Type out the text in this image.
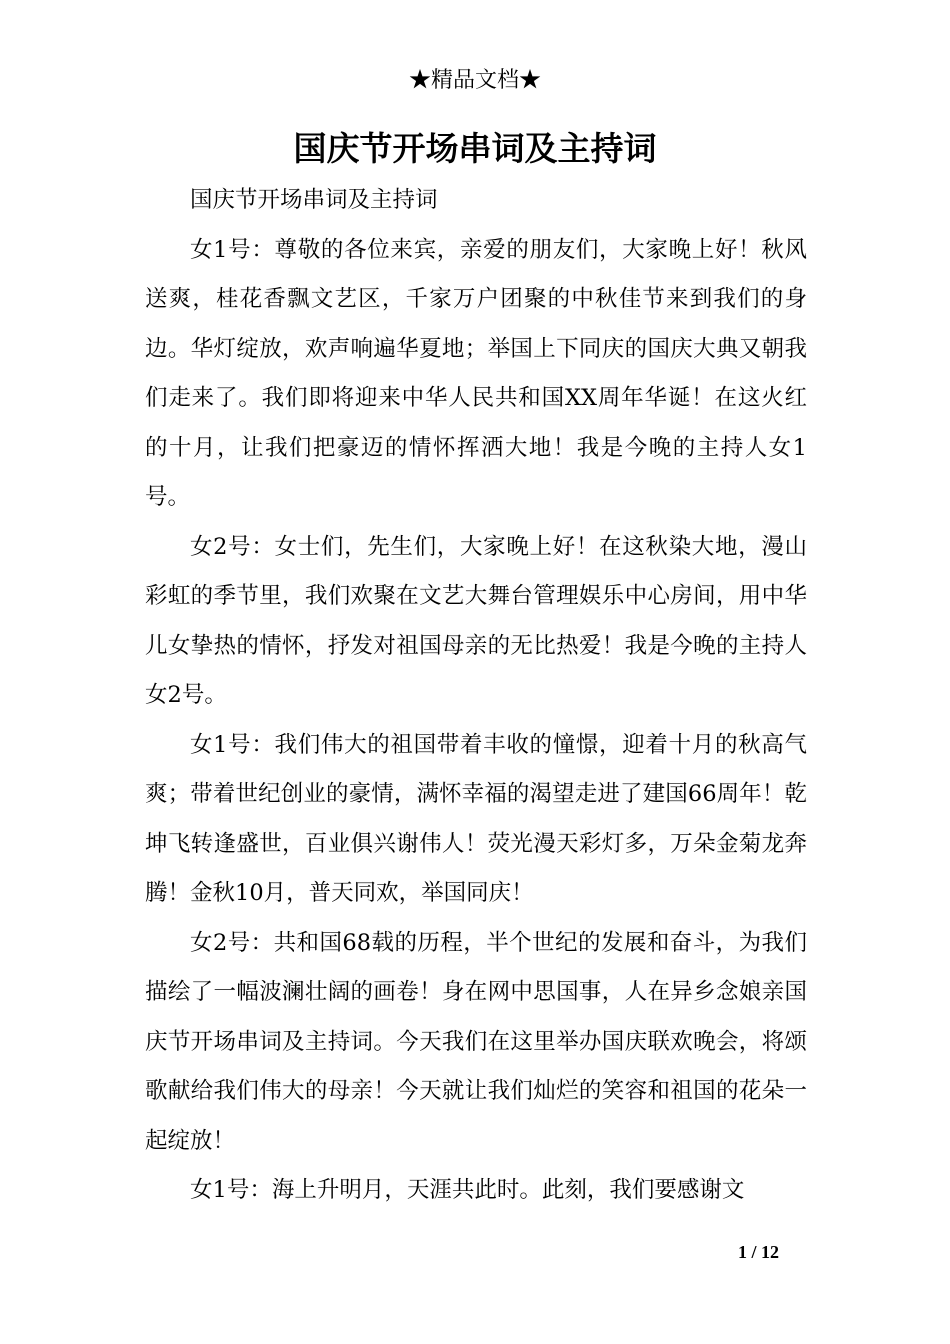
★精品文档★
国庆节开场串词及主持词

国庆节开场串词及主持词

女1号：尊敬的各位来宾，亲爱的朋友们，大家晚上好！秋风送爽，桂花香飘文艺区，千家万户团聚的中秋佳节来到我们的身边。华灯绽放，欢声响遍华夏地；举国上下同庆的国庆大典又朝我们走来了。我们即将迎来中华人民共和国XX周年华诞！在这火红的十月，让我们把豪迈的情怀挥洒大地！我是今晚的主持人女1号。

女2号：女士们，先生们，大家晚上好！在这秋染大地，漫山彩虹的季节里，我们欢聚在文艺大舞台管理娱乐中心房间，用中华儿女挚热的情怀，抒发对祖国母亲的无比热爱！我是今晚的主持人女2号。

女1号：我们伟大的祖国带着丰收的憧憬，迎着十月的秋高气爽；带着世纪创业的豪情，满怀幸福的渴望走进了建国66周年！乾坤飞转逢盛世，百业俱兴谢伟人！荧光漫天彩灯多，万朵金菊龙奔腾！金秋10月，普天同欢，举国同庆！

女2号：共和国68载的历程，半个世纪的发展和奋斗，为我们描绘了一幅波澜壮阔的画卷！身在网中思国事，人在异乡念娘亲国庆节开场串词及主持词。今天我们在这里举办国庆联欢晚会，将颂歌献给我们伟大的母亲！今天就让我们灿烂的笑容和祖国的花朵一起绽放！

女1号：海上升明月，天涯共此时。此刻，我们要感谢文

1 / 12
